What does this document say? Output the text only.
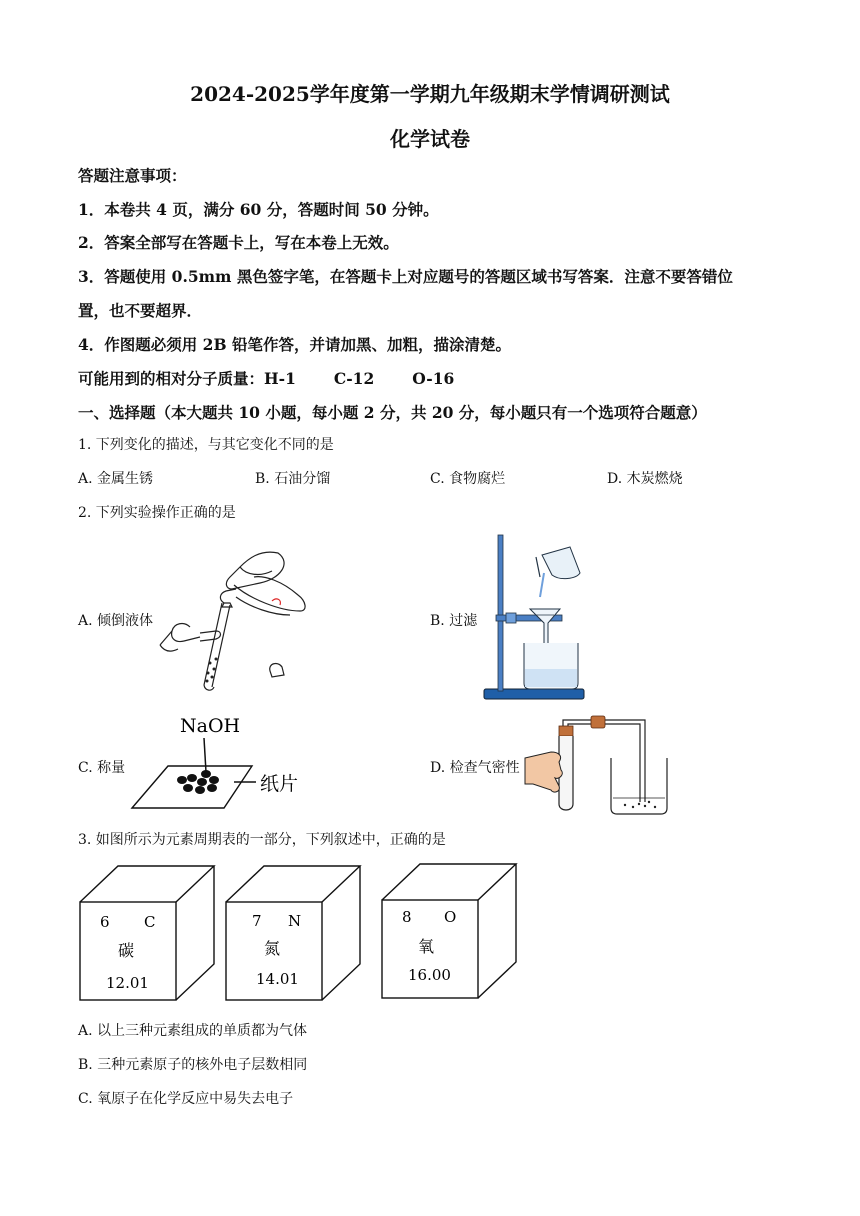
2024-2025学年度第一学期九年级期末学情调研测试
化学试卷
答题注意事项：
1．本卷共 4 页，满分 60 分，答题时间 50 分钟。
2．答案全部写在答题卡上，写在本卷上无效。
3．答题使用 0.5mm 黑色签字笔，在答题卡上对应题号的答题区域书写答案．注意不要答错位
置，也不要超界．
4．作图题必须用 2B 铅笔作答，并请加黑、加粗，描涂清楚。
可能用到的相对分子质量：H-1 C-12 O-16
一、选择题（本大题共 10 小题，每小题 2 分，共 20 分，每小题只有一个选项符合题意）
1. 下列变化的描述，与其它变化不同的是
A. 金属生锈	B. 石油分馏	C. 食物腐烂	D. 木炭燃烧
2. 下列实验操作正确的是
A. 倾倒液体	B. 过滤
C. 称量	D. 检查气密性
NaOH
纸片
3. 如图所示为元素周期表的一部分，下列叙述中，正确的是
6 C
碳
12.01
7 N
氮
14.01
8 O
氧
16.00
A. 以上三种元素组成的单质都为气体
B. 三种元素原子的核外电子层数相同
C. 氧原子在化学反应中易失去电子
